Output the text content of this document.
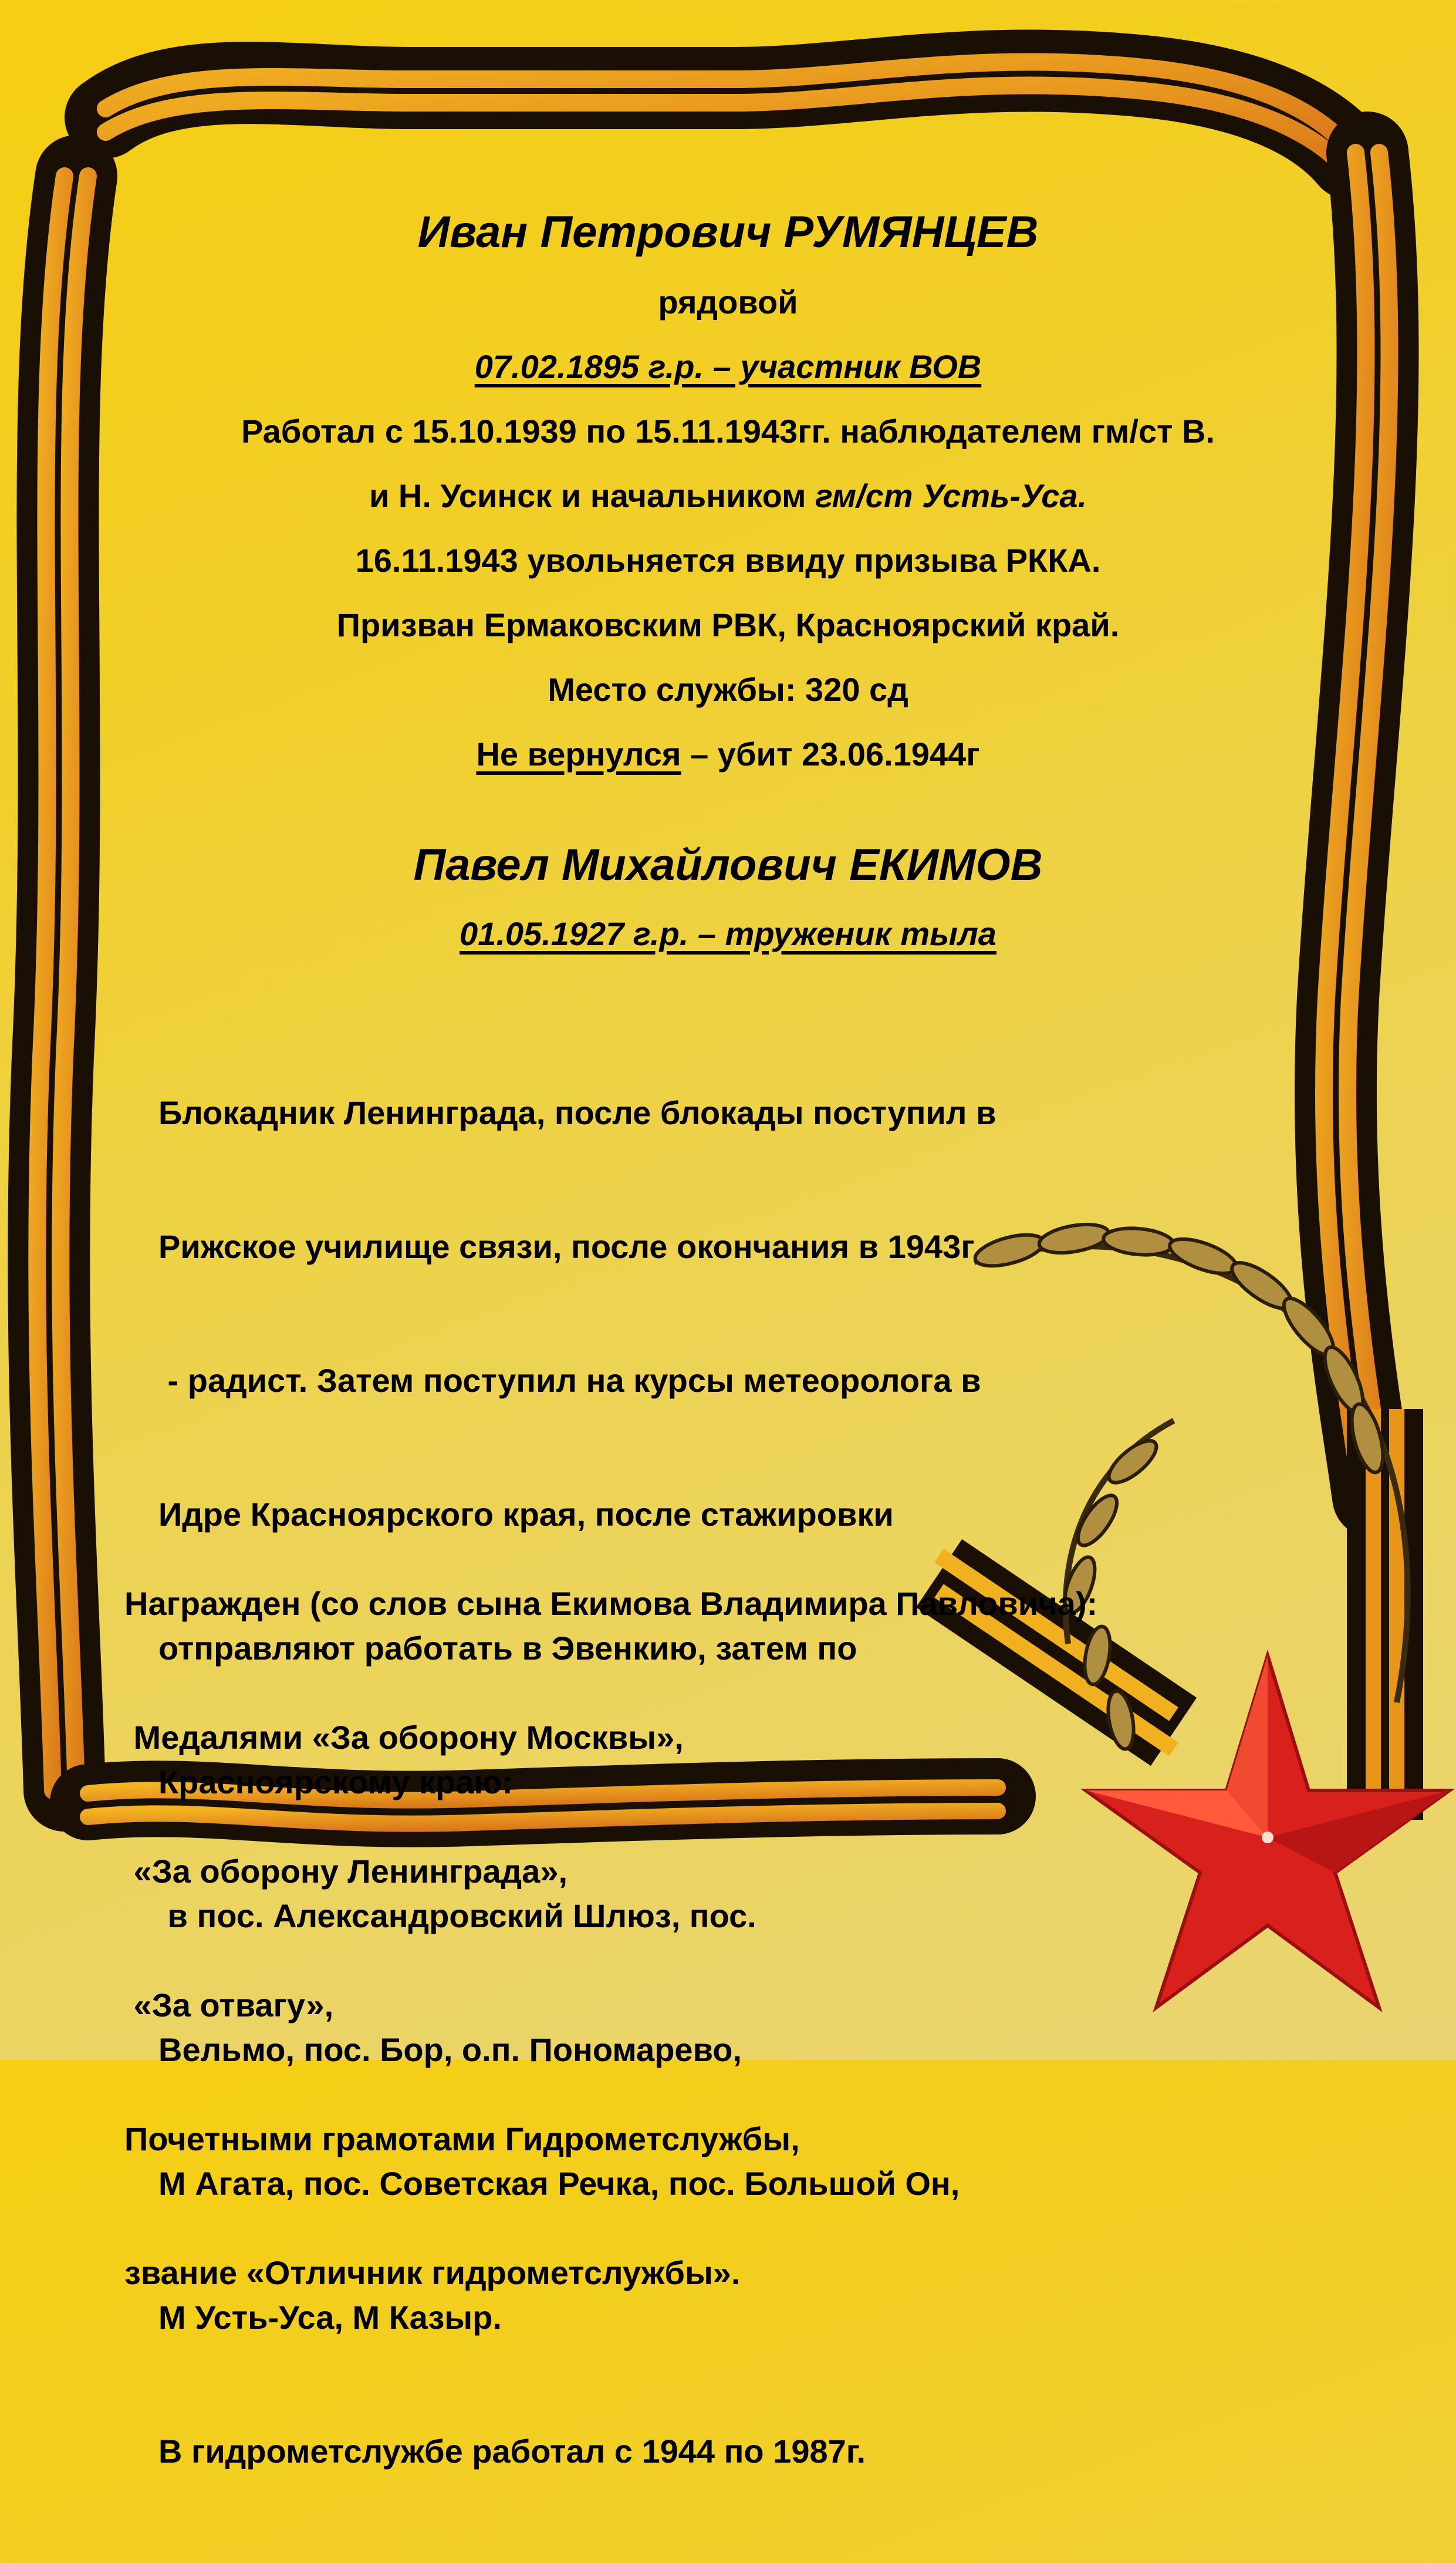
Иван Петрович РУМЯНЦЕВ
рядовой
07.02.1895 г.р. – участник ВОВ
Работал с 15.10.1939 по 15.11.1943гг. наблюдателем гм/ст В.
и Н. Усинск и начальником гм/ст Усть-Уса.
16.11.1943 увольняется ввиду призыва РККА.
Призван Ермаковским РВК, Красноярский край.
Место службы: 320 сд
Не вернулся – убит 23.06.1944г
Павел Михайлович ЕКИМОВ
01.05.1927 г.р. – труженик тыла

Блокадник Ленинграда, после блокады поступил в

Рижское училище связи, после окончания в 1943г

- радист. Затем поступил на курсы метеоролога в

Идре Красноярского края, после стажировки

отправляют работать в Эвенкию, затем по

Красноярскому краю:

в пос. Александровский Шлюз, пос.

Вельмо, пос. Бор, о.п. Пономарево,

М Агата, пос. Советская Речка, пос. Большой Он,

М Усть-Уса, М Казыр.

В гидрометслужбе работал с 1944 по 1987г.

Награжден (со слов сына Екимова Владимира Павловича):

Медалями «За оборону Москвы»,

«За оборону Ленинграда»,

«За отвагу»,

Почетными грамотами Гидрометслужбы,

звание «Отличник гидрометслужбы».
